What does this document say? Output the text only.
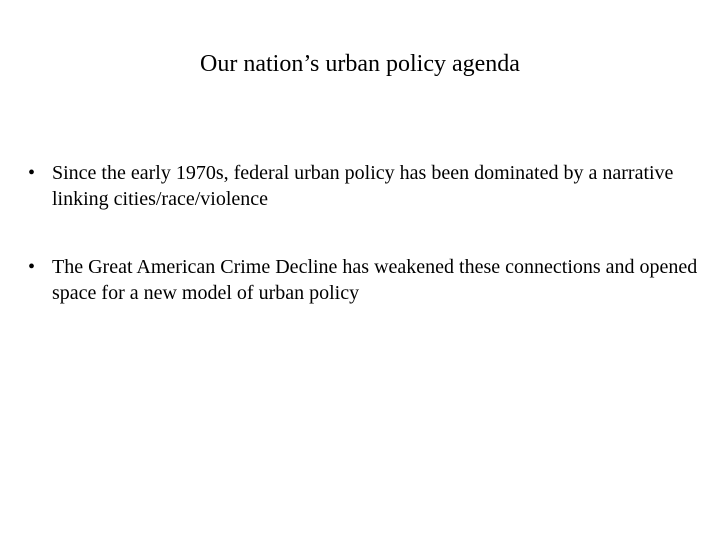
Our nation’s urban policy agenda
• Since the early 1970s, federal urban policy has been dominated by a narrative linking cities/race/violence
• The Great American Crime Decline has weakened these connections and opened space for a new model of urban policy
